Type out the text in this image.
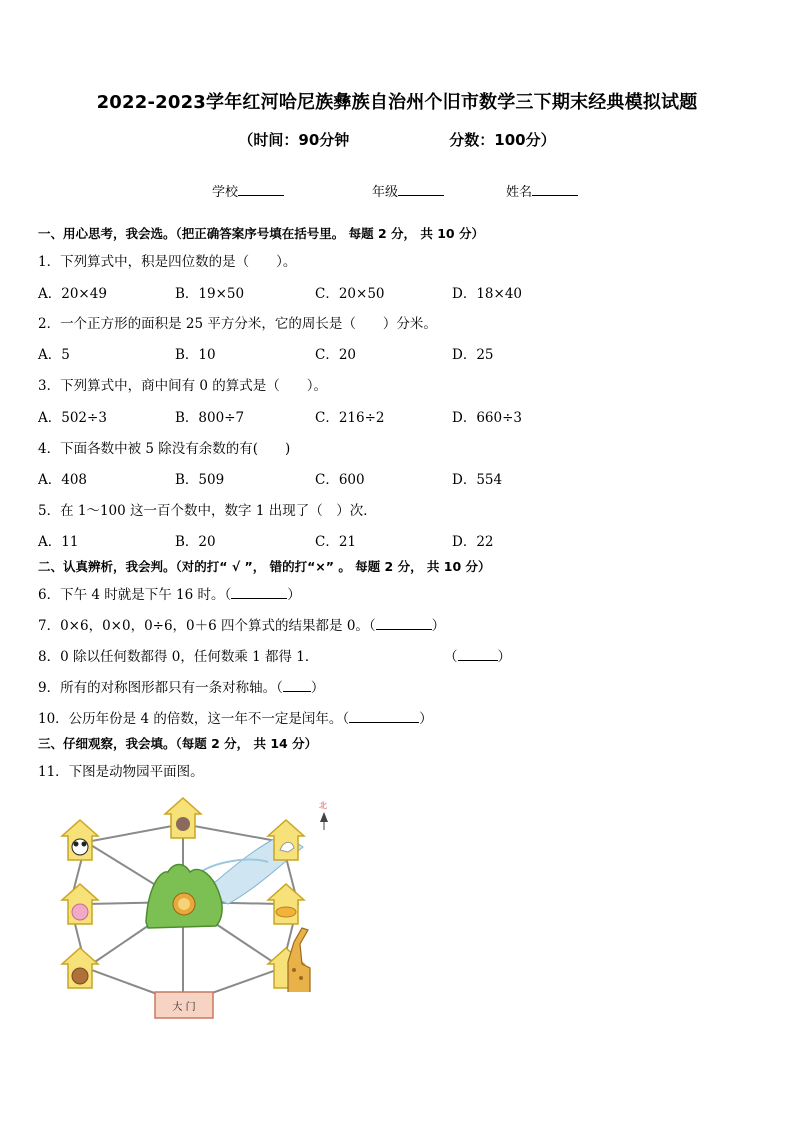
2022-2023学年红河哈尼族彝族自治州个旧市数学三下期末经典模拟试题
（时间：90分钟	分数：100分）
学校	年级	姓名
一、用心思考，我会选。（把正确答案序号填在括号里。 每题 2 分， 共 10 分）
1．下列算式中，积是四位数的是（　　）。
A．20×49	B．19×50	C．20×50	D．18×40
2．一个正方形的面积是 25 平方分米，它的周长是（　　）分米。
A．5	B．10	C．20	D．25
3．下列算式中，商中间有 0 的算式是（　　）。
A．502÷3	B．800÷7	C．216÷2	D．660÷3
4．下面各数中被 5 除没有余数的有(　　)
A．408	B．509	C．600	D．554
5．在 1～100 这一百个数中，数字 1 出现了（　）次．
A．11	B．20	C．21	D．22
二、认真辨析，我会判。（对的打“ √ ”， 错的打“×” 。 每题 2 分， 共 10 分）
6．下午 4 时就是下午 16 时。（	）
7．0×6，0×0，0÷6，0＋6 四个算式的结果都是 0。（	）
8．0 除以任何数都得 0，任何数乘 1 都得 1．	（	）
9．所有的对称图形都只有一条对称轴。（ ）
10．公历年份是 4 的倍数，这一年不一定是闰年。（	）
三、仔细观察，我会填。（每题 2 分， 共 14 分）
11．下图是动物园平面图。
北
大 门
